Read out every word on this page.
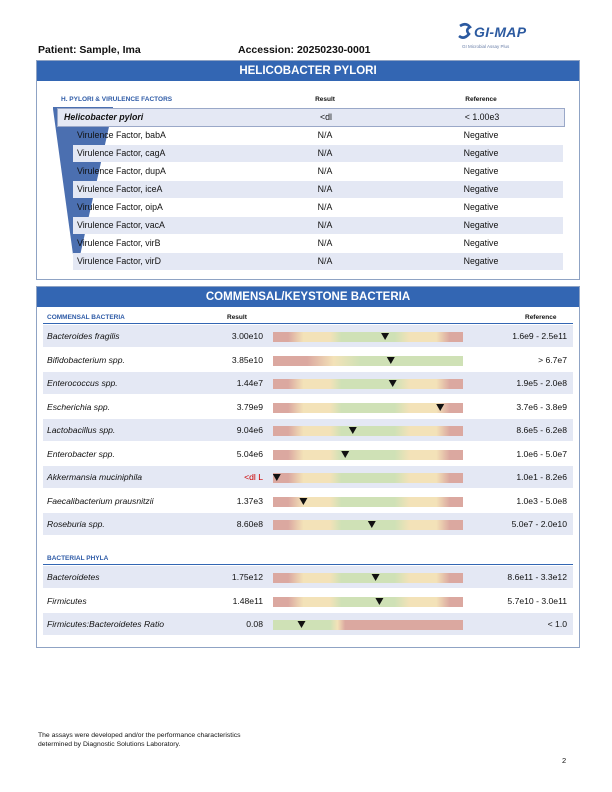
Patient: Sample, Ima	Accession: 20250230-0001
GI-MAP
GI Microbial Assay Plus
HELICOBACTER PYLORI
H. PYLORI & VIRULENCE FACTORS	Result	Reference
Helicobacter pylori	<dl	< 1.00e3
Virulence Factor, babA	N/A	Negative
Virulence Factor, cagA	N/A	Negative
Virulence Factor, dupA	N/A	Negative
Virulence Factor, iceA	N/A	Negative
Virulence Factor, oipA	N/A	Negative
Virulence Factor, vacA	N/A	Negative
Virulence Factor, virB	N/A	Negative
Virulence Factor, virD	N/A	Negative
COMMENSAL/KEYSTONE BACTERIA
COMMENSAL BACTERIA	Result	Reference
Bacteroides fragilis	3.00e10	1.6e9 - 2.5e11
Bifidobacterium spp.	3.85e10	> 6.7e7
Enterococcus spp.	1.44e7	1.9e5 - 2.0e8
Escherichia spp.	3.79e9	3.7e6 - 3.8e9
Lactobacillus spp.	9.04e6	8.6e5 - 6.2e8
Enterobacter spp.	5.04e6	1.0e6 - 5.0e7
Akkermansia muciniphila	<dl L	1.0e1 - 8.2e6
Faecalibacterium prausnitzii	1.37e3	1.0e3 - 5.0e8
Roseburia spp.	8.60e8	5.0e7 - 2.0e10
BACTERIAL PHYLA
Bacteroidetes	1.75e12	8.6e11 - 3.3e12
Firmicutes	1.48e11	5.7e10 - 3.0e11
Firmicutes:Bacteroidetes Ratio	0.08	< 1.0
The assays were developed and/or the performance characteristics
determined by Diagnostic Solutions Laboratory.
2
